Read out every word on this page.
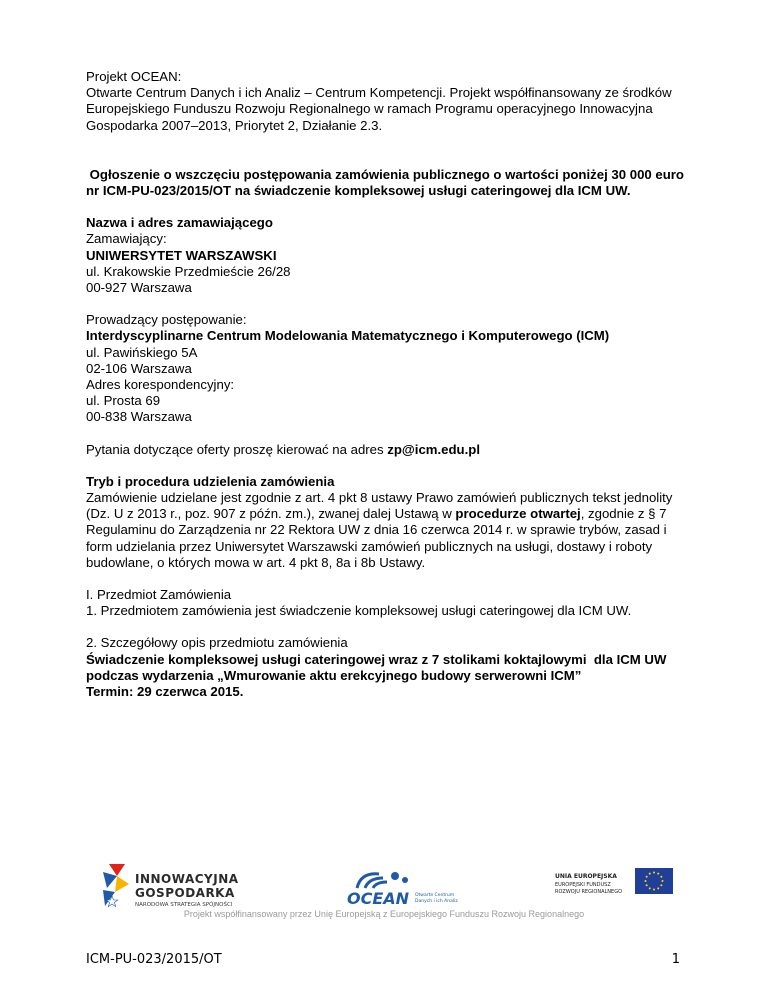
Projekt OCEAN:

Otwarte Centrum Danych i ich Analiz – Centrum Kompetencji. Projekt współfinansowany ze środków Europejskiego Funduszu Rozwoju Regionalnego w ramach Programu operacyjnego Innowacyjna Gospodarka 2007–2013, Priorytet 2, Działanie 2.3.

Ogłoszenie o wszczęciu postępowania zamówienia publicznego o wartości poniżej 30 000 euro nr ICM-PU-023/2015/OT na świadczenie kompleksowej usługi cateringowej dla ICM UW.

Nazwa i adres zamawiającego

Zamawiający:

UNIWERSYTET WARSZAWSKI

ul. Krakowskie Przedmieście 26/28

00-927 Warszawa

Prowadzący postępowanie:

Interdyscyplinarne Centrum Modelowania Matematycznego i Komputerowego (ICM)

ul. Pawińskiego 5A

02-106 Warszawa

Adres korespondencyjny:

ul. Prosta 69

00-838 Warszawa

Pytania dotyczące oferty proszę kierować na adres zp@icm.edu.pl

Tryb i procedura udzielenia zamówienia

Zamówienie udzielane jest zgodnie z art. 4 pkt 8 ustawy Prawo zamówień publicznych tekst jednolity (Dz. U z 2013 r., poz. 907 z późn. zm.), zwanej dalej Ustawą w procedurze otwartej, zgodnie z § 7 Regulaminu do Zarządzenia nr 22 Rektora UW z dnia 16 czerwca 2014 r. w sprawie trybów, zasad i form udzielania przez Uniwersytet Warszawski zamówień publicznych na usługi, dostawy i roboty budowlane, o których mowa w art. 4 pkt 8, 8a i 8b Ustawy.

I. Przedmiot Zamówienia

1. Przedmiotem zamówienia jest świadczenie kompleksowej usługi cateringowej dla ICM UW.

2. Szczegółowy opis przedmiotu zamówienia

Świadczenie kompleksowej usługi cateringowej wraz z 7 stolikami koktajlowymi  dla ICM UW podczas wydarzenia „Wmurowanie aktu erekcyjnego budowy serwerowni ICM”

Termin: 29 czerwca 2015.

INNOWACYJNA
GOSPODARKA
NARODOWA STRATEGIA SPÓJNOŚCI	OCEAN Otwarte Centrum
Danych i ich Analiz
UNIA EUROPEJSKA
EUROPEJSKI FUNDUSZ
ROZWOJU REGIONALNEGO
Projekt współfinansowany przez Unię Europejską z Europejskiego Funduszu Rozwoju Regionalnego
ICM-PU-023/2015/OT	1
